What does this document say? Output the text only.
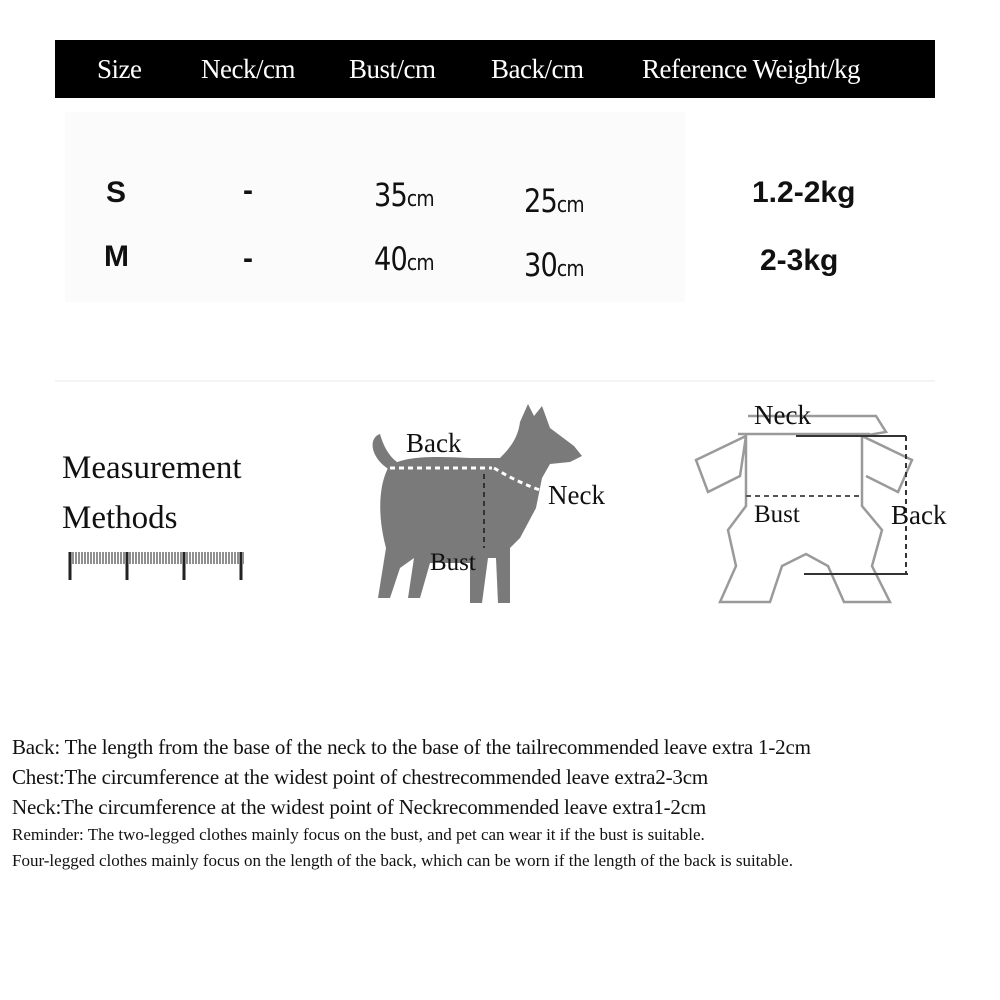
Size Neck/cm Bust/cm Back/cm Reference Weight/kg
S	-	35cm	25cm	1.2-2kg
M	-	40cm	30cm	2-3kg
Measurement
Methods
Back
Neck
Bust
Neck
Bust	Back
Back: The length from the base of the neck to the base of the tailrecommended leave extra 1-2cm
Chest:The circumference at the widest point of chestrecommended leave extra2-3cm
Neck:The circumference at the widest point of Neckrecommended leave extra1-2cm
Reminder: The two-legged clothes mainly focus on the bust, and pet can wear it if the bust is suitable.
Four-legged clothes mainly focus on the length of the back, which can be worn if the length of the back is suitable.
